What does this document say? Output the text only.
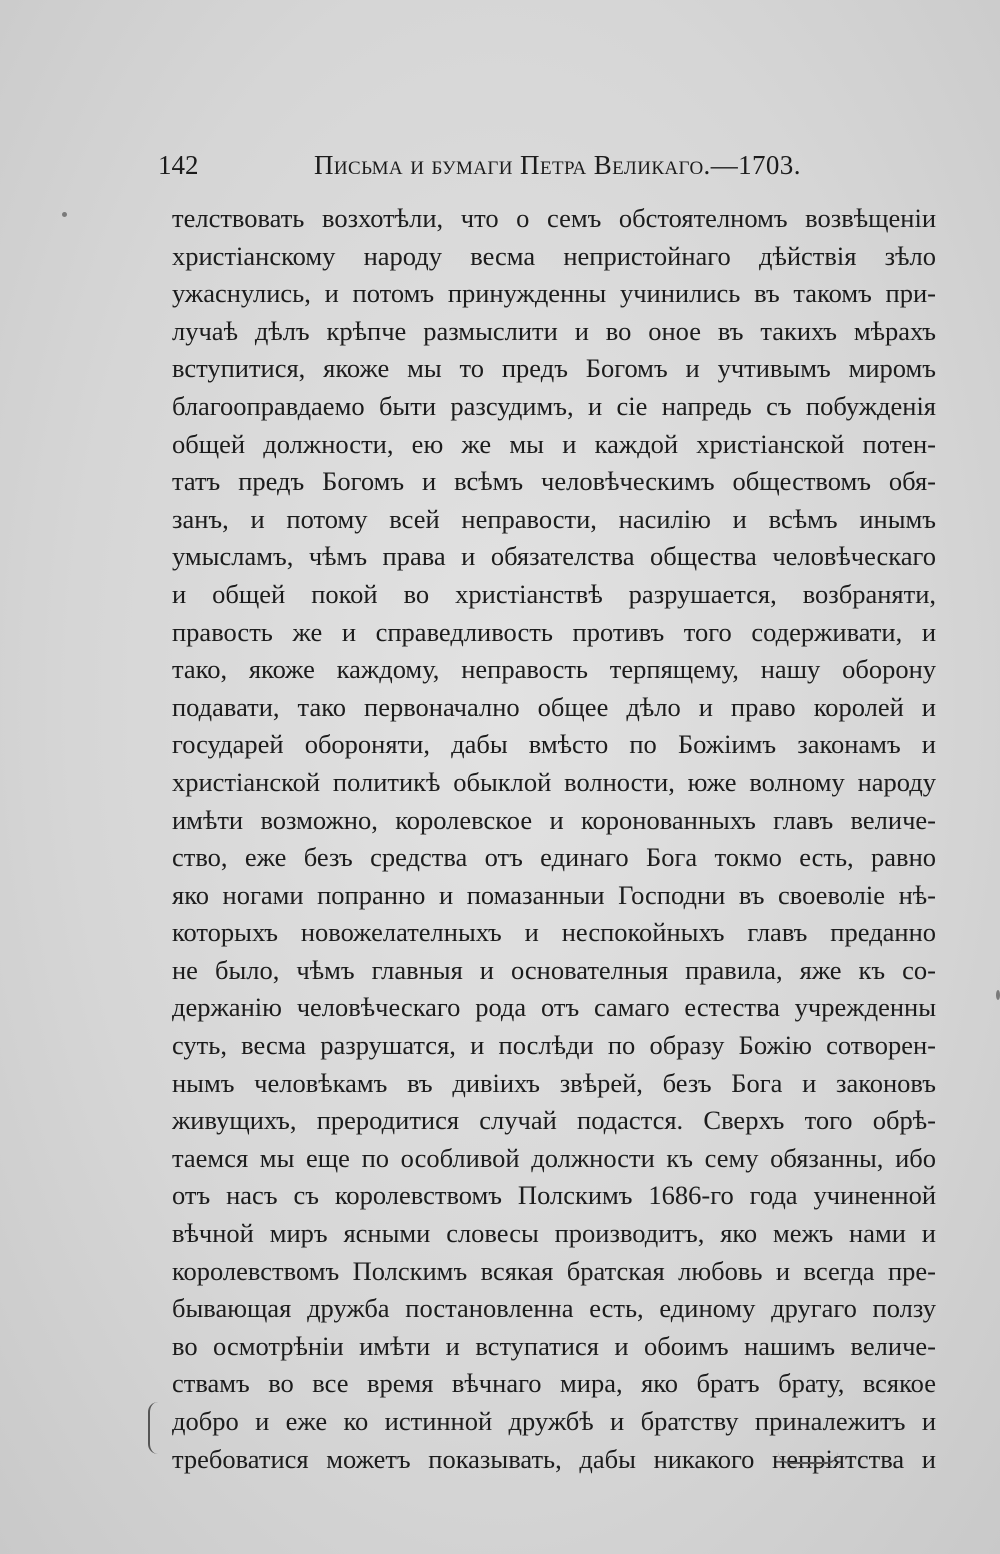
142	Письма и бумаги Петра Великаго.—1703.
телствовать возхотѣли, что о семъ обстоятелномъ возвѣщеніи
христіанскому народу весма непристойнаго дѣйствія зѣло
ужаснулись, и потомъ принужденны учинились въ такомъ при-
лучаѣ дѣлъ крѣпче размыслити и во оное въ такихъ мѣрахъ
вступитися, якоже мы то предъ Богомъ и учтивымъ миромъ
благооправдаемо быти разсудимъ, и сіе напредь съ побужденія
общей должности, ею же мы и каждой христіанской потен-
татъ предъ Богомъ и всѣмъ человѣческимъ обществомъ обя-
занъ, и потому всей неправости, насилію и всѣмъ инымъ
умысламъ, чѣмъ права и обязателства общества человѣческаго
и общей покой во христіанствѣ разрушается, возбраняти,
правость же и справедливость противъ того содерживати, и
тако, якоже каждому, неправость терпящему, нашу оборону
подавати, тако первоначално общее дѣло и право королей и
государей обороняти, дабы вмѣсто по Божіимъ законамъ и
христіанской политикѣ обыклой волности, юже волному народу
имѣти возможно, королевское и коронованныхъ главъ величе-
ство, еже безъ средства отъ единаго Бога токмо есть, равно
яко ногами попранно и помазанныи Господни въ своеволіе нѣ-
которыхъ новожелателныхъ и неспокойныхъ главъ преданно
не было, чѣмъ главныя и основателныя правила, яже къ со-
держанію человѣческаго рода отъ самаго естества учрежденны
суть, весма разрушатся, и послѣди по образу Божію сотворен-
нымъ человѣкамъ въ дивіихъ звѣрей, безъ Бога и законовъ
живущихъ, преродитися случай подастся. Сверхъ того обрѣ-
таемся мы еще по особливой должности къ сему обязанны, ибо
отъ насъ съ королевствомъ Полскимъ 1686-го года учиненной
вѣчной миръ ясными словесы производитъ, яко межъ нами и
королевствомъ Полскимъ всякая братская любовь и всегда пре-
бывающая дружба постановленна есть, единому другаго ползу
во осмотрѣніи имѣти и вступатися и обоимъ нашимъ величе-
ствамъ во все время вѣчнаго мира, яко братъ брату, всякое
добро и еже ко истинной дружбѣ и братству приналежитъ и
требоватися можетъ показывать, дабы никакого непріятства и
